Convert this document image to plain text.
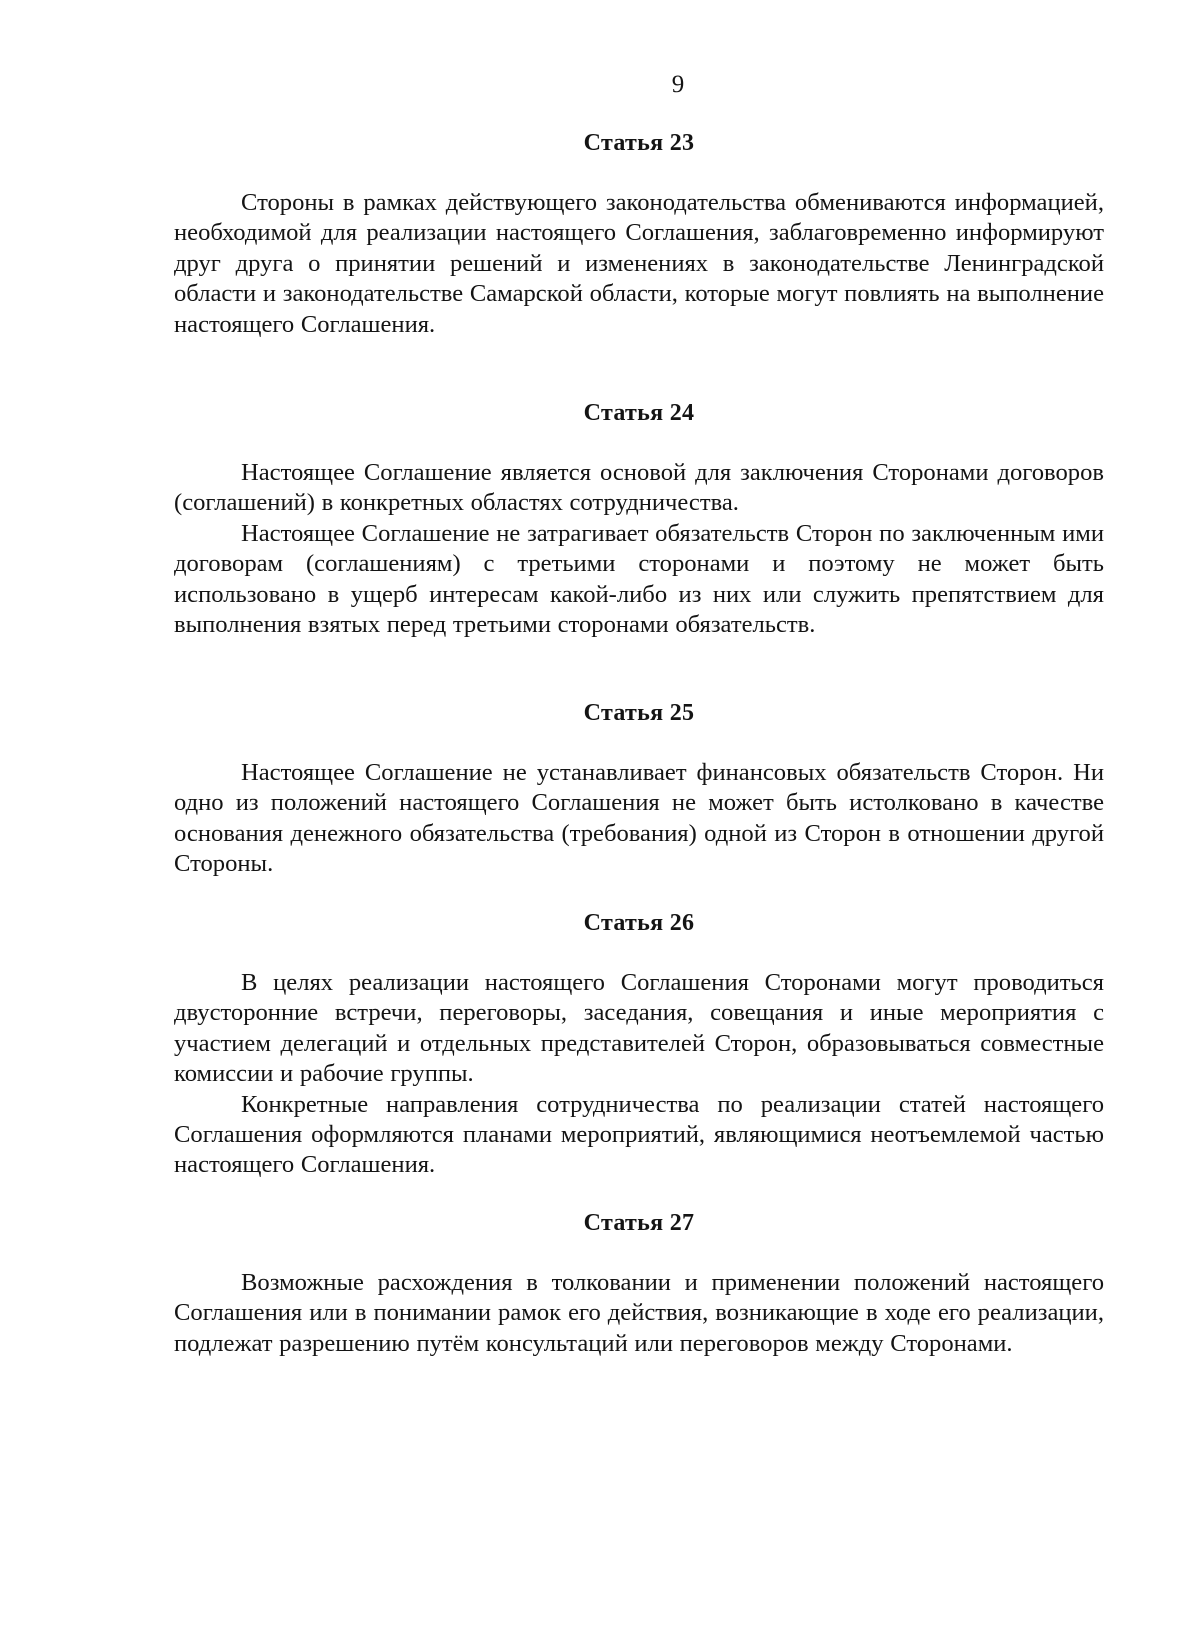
9
Статья 23

Стороны в рамках действующего законодательства обмениваются информацией, необходимой для реализации настоящего Соглашения, заблаговременно информируют друг друга о принятии решений и изменениях в законодательстве Ленинградской области и законодательстве Самарской области, которые могут повлиять на выполнение настоящего Соглашения.

Статья 24

Настоящее Соглашение является основой для заключения Сторонами договоров (соглашений) в конкретных областях сотрудничества.

Настоящее Соглашение не затрагивает обязательств Сторон по заключенным ими договорам (соглашениям) с третьими сторонами и поэтому не может быть использовано в ущерб интересам какой-либо из них или служить препятствием для выполнения взятых перед третьими сторонами обязательств.

Статья 25

Настоящее Соглашение не устанавливает финансовых обязательств Сторон. Ни одно из положений настоящего Соглашения не может быть истолковано в качестве основания денежного обязательства (требования) одной из Сторон в отношении другой Стороны.

Статья 26

В целях реализации настоящего Соглашения Сторонами могут проводиться двусторонние встречи, переговоры, заседания, совещания и иные мероприятия с участием делегаций и отдельных представителей Сторон, образовываться совместные комиссии и рабочие группы.

Конкретные направления сотрудничества по реализации статей настоящего Соглашения оформляются планами мероприятий, являющимися неотъемлемой частью настоящего Соглашения.

Статья 27

Возможные расхождения в толковании и применении положений настоящего Соглашения или в понимании рамок его действия, возникающие в ходе его реализации, подлежат разрешению путём консультаций или переговоров между Сторонами.
